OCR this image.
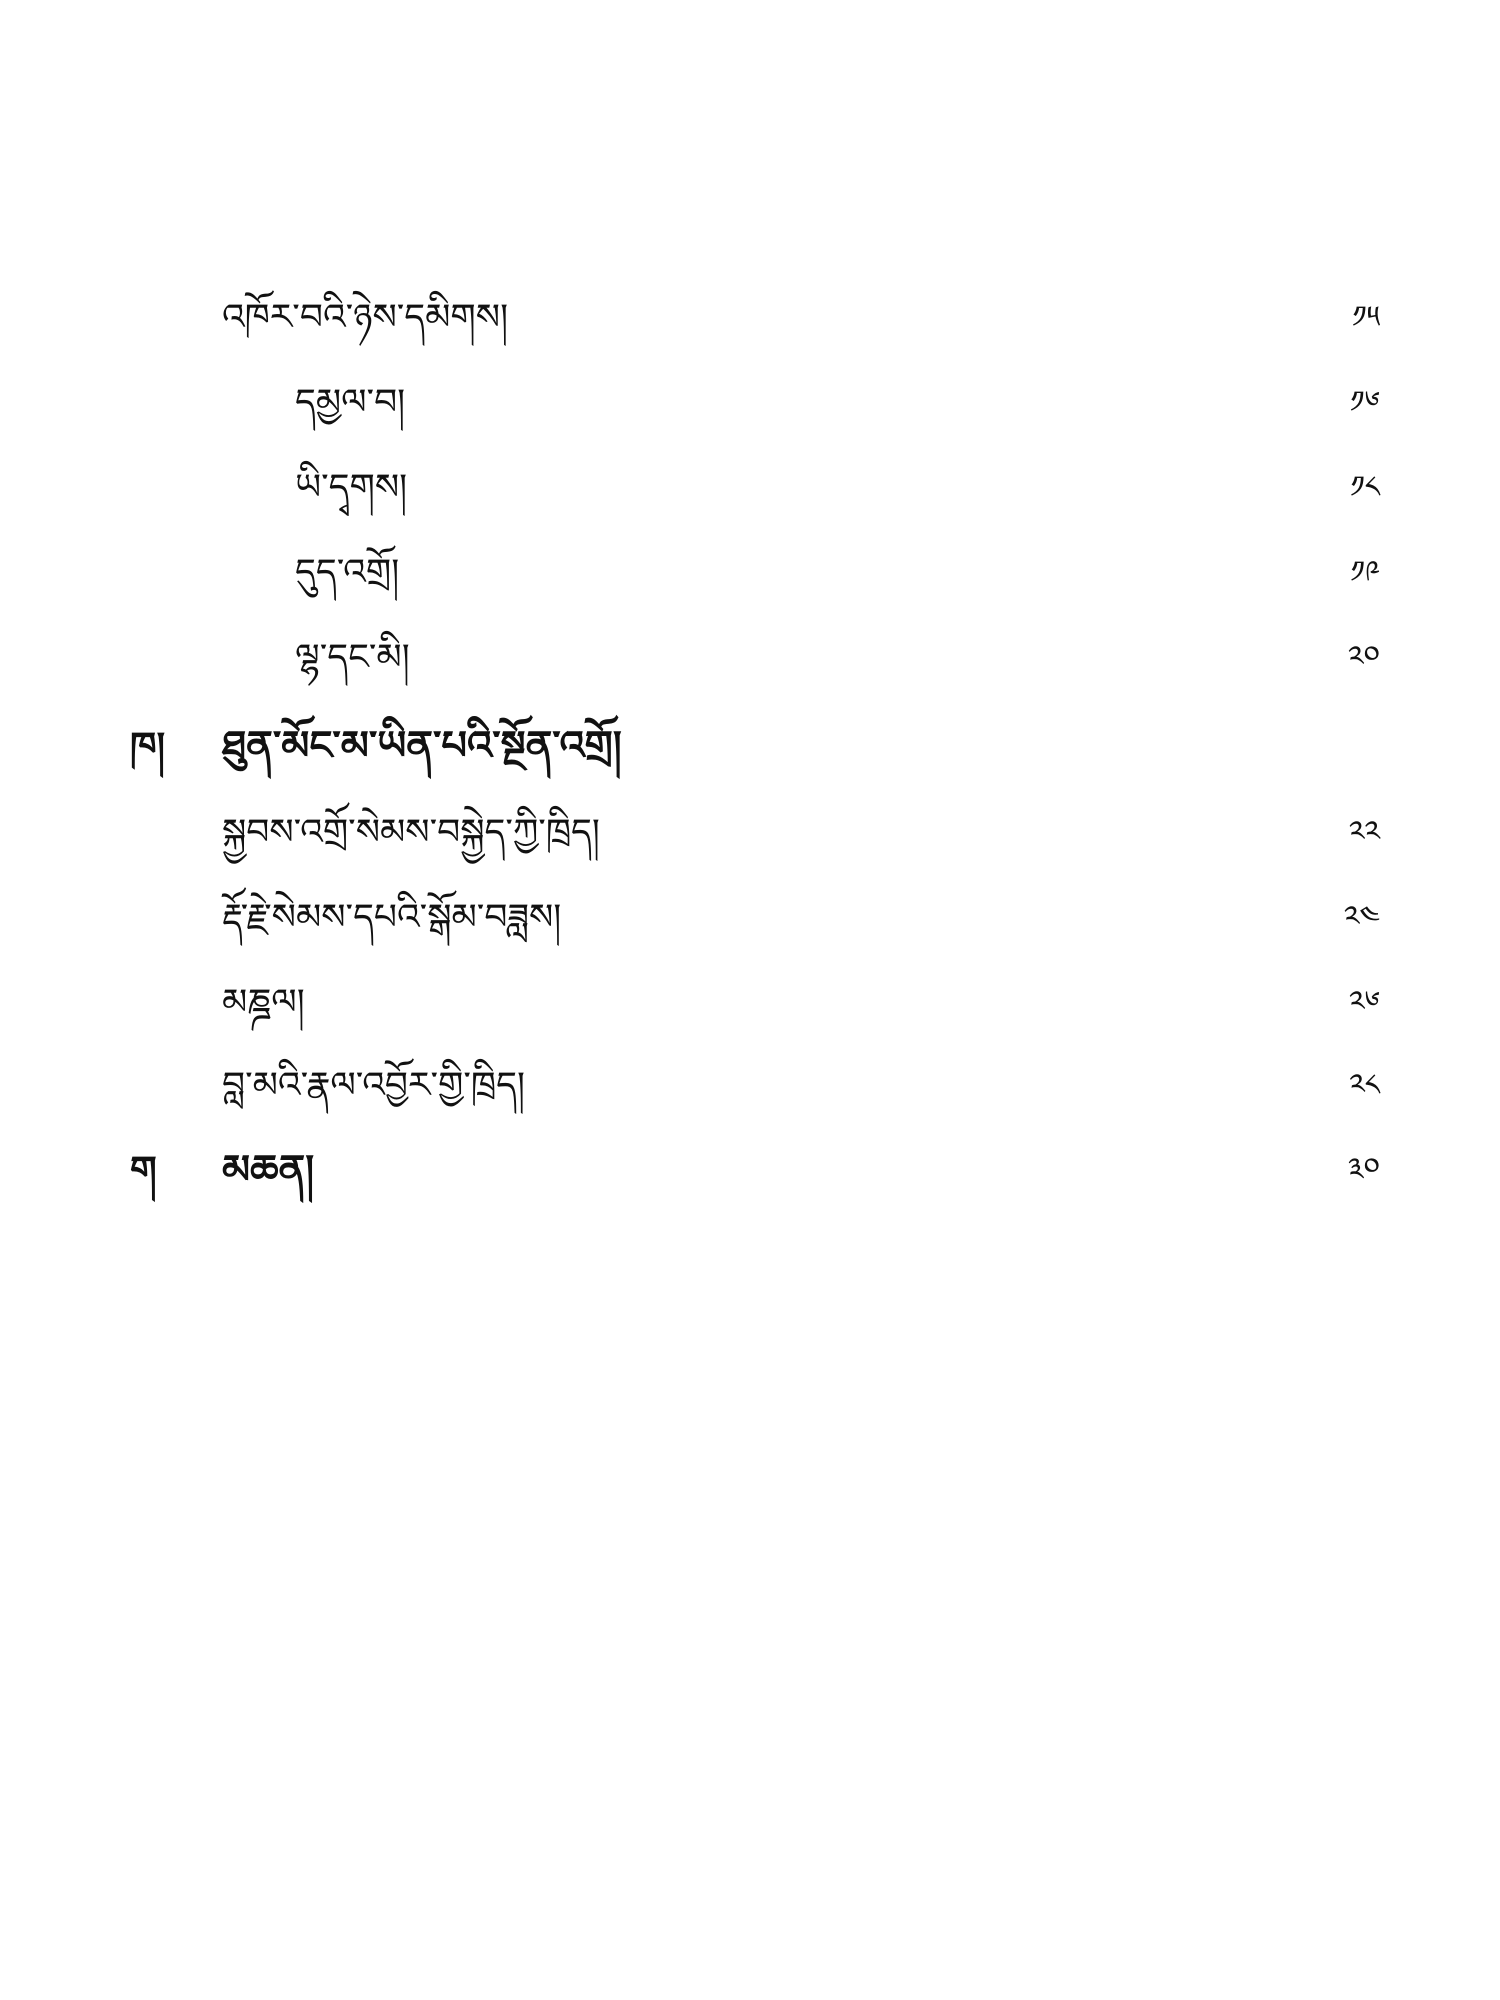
འཁོར་བའི་ཉེས་དམིགས།	༡༥
དམྱལ་བ།	༡༦
ཡི་དྭགས།	༡༨
དུད་འགྲོ།	༡༩
ལྷ་དང་མི།	༢༠
ཁ། ཐུན་མོང་མ་ཡིན་པའི་སྔོན་འགྲོ།
སྐྱབས་འགྲོ་སེམས་བསྐྱེད་ཀྱི་ཁྲིད།	༢༢
རྡོ་རྗེ་སེམས་དཔའི་སྒོམ་བཟླས།	༢༤
མཎྜལ།	༢༦
བླ་མའི་རྣལ་འབྱོར་གྱི་ཁྲིད།	༢༨
ག མཆན།	༣༠
